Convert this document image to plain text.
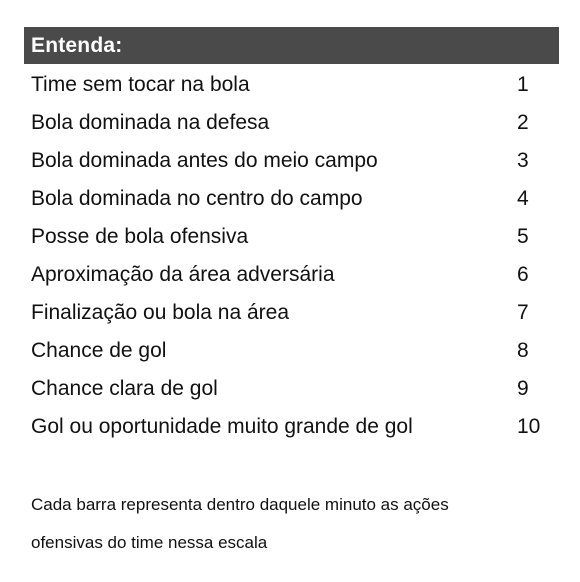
Entenda:
Time sem tocar na bola	1
Bola dominada na defesa	2
Bola dominada antes do meio campo	3
Bola dominada no centro do campo	4
Posse de bola ofensiva	5
Aproximação da área adversária	6
Finalização ou bola na área	7
Chance de gol	8
Chance clara de gol	9
Gol ou oportunidade muito grande de gol	10
Cada barra representa dentro daquele minuto as ações
ofensivas do time nessa escala
